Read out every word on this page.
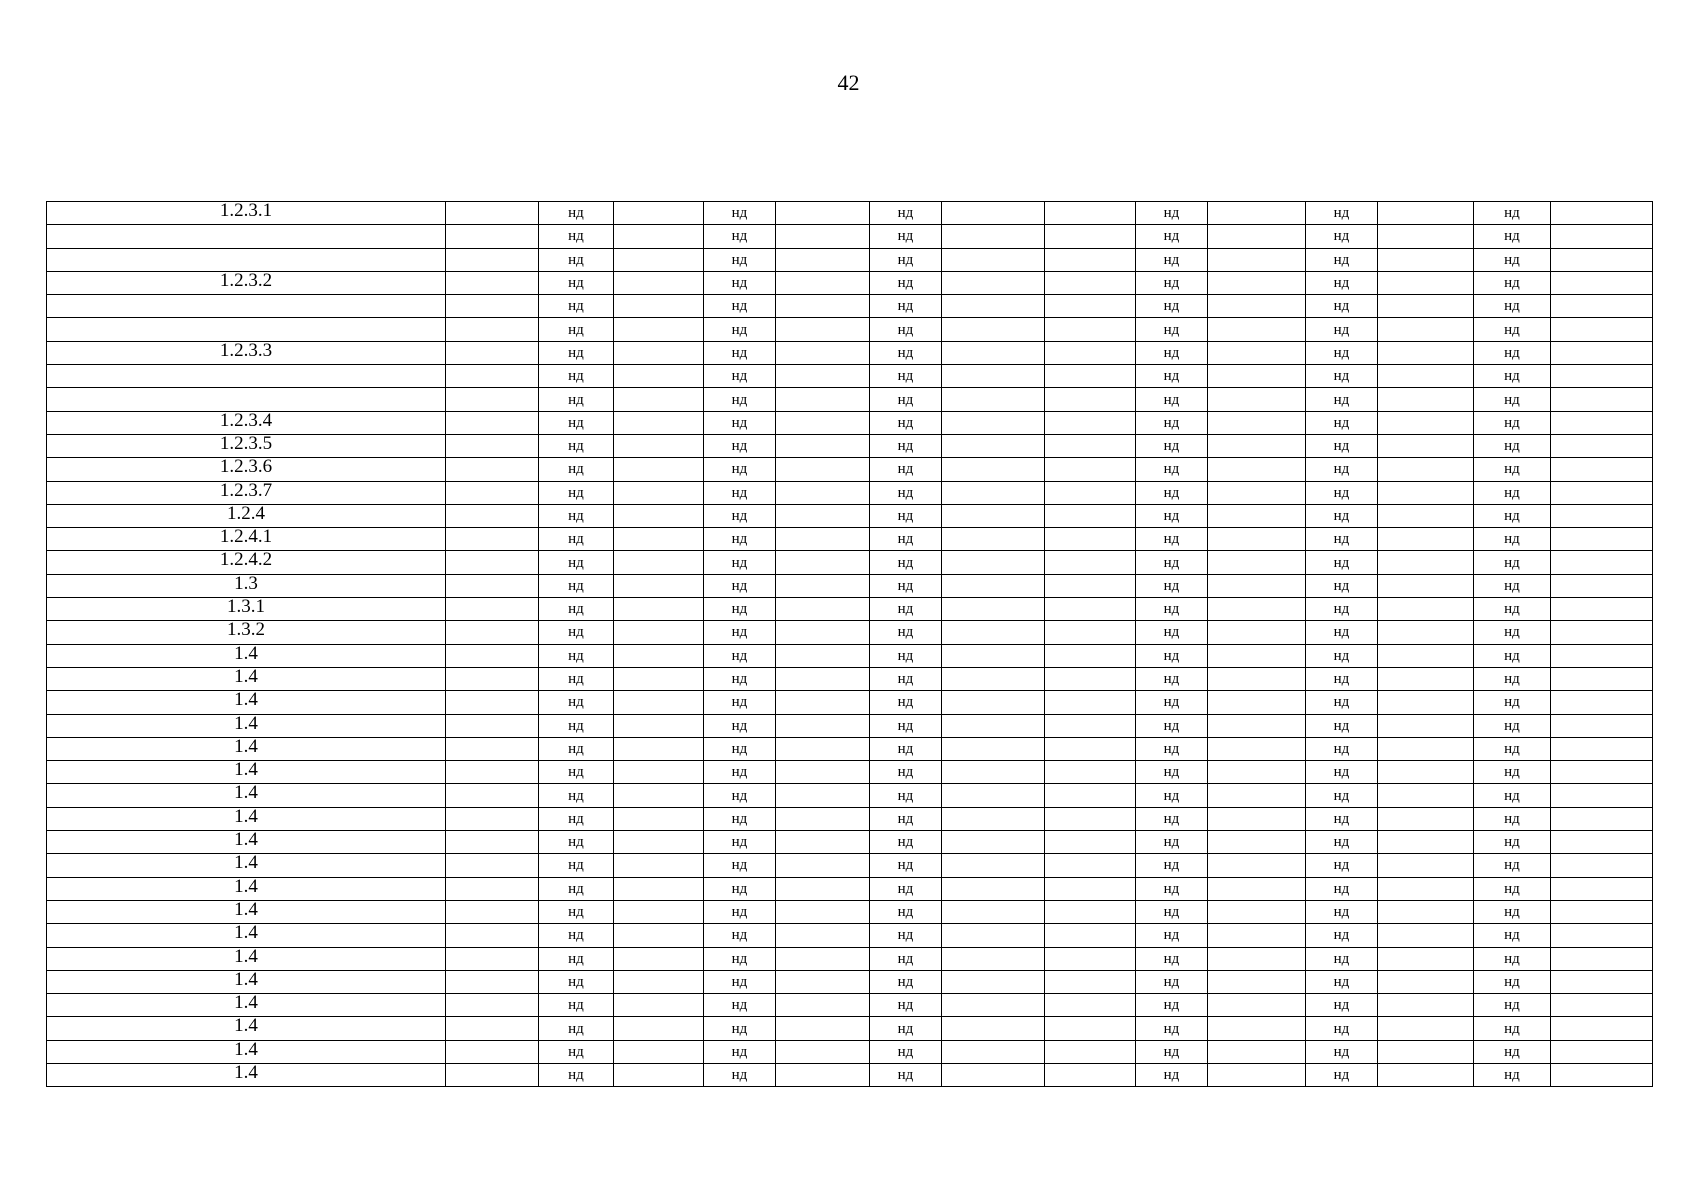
42
1.2.3.1		нд		нд		нд			нд		нд		нд	
		нд		нд		нд			нд		нд		нд	
		нд		нд		нд			нд		нд		нд	
1.2.3.2		нд		нд		нд			нд		нд		нд	
		нд		нд		нд			нд		нд		нд	
		нд		нд		нд			нд		нд		нд	
1.2.3.3		нд		нд		нд			нд		нд		нд	
		нд		нд		нд			нд		нд		нд	
		нд		нд		нд			нд		нд		нд	
1.2.3.4		нд		нд		нд			нд		нд		нд	
1.2.3.5		нд		нд		нд			нд		нд		нд	
1.2.3.6		нд		нд		нд			нд		нд		нд	
1.2.3.7		нд		нд		нд			нд		нд		нд	
1.2.4		нд		нд		нд			нд		нд		нд	
1.2.4.1		нд		нд		нд			нд		нд		нд	
1.2.4.2		нд		нд		нд			нд		нд		нд	
1.3		нд		нд		нд			нд		нд		нд	
1.3.1		нд		нд		нд			нд		нд		нд	
1.3.2		нд		нд		нд			нд		нд		нд	
1.4		нд		нд		нд			нд		нд		нд	
1.4		нд		нд		нд			нд		нд		нд	
1.4		нд		нд		нд			нд		нд		нд	
1.4		нд		нд		нд			нд		нд		нд	
1.4		нд		нд		нд			нд		нд		нд	
1.4		нд		нд		нд			нд		нд		нд	
1.4		нд		нд		нд			нд		нд		нд	
1.4		нд		нд		нд			нд		нд		нд	
1.4		нд		нд		нд			нд		нд		нд	
1.4		нд		нд		нд			нд		нд		нд	
1.4		нд		нд		нд			нд		нд		нд	
1.4		нд		нд		нд			нд		нд		нд	
1.4		нд		нд		нд			нд		нд		нд	
1.4		нд		нд		нд			нд		нд		нд	
1.4		нд		нд		нд			нд		нд		нд	
1.4		нд		нд		нд			нд		нд		нд	
1.4		нд		нд		нд			нд		нд		нд	
1.4		нд		нд		нд			нд		нд		нд	
1.4		нд		нд		нд			нд		нд		нд	
